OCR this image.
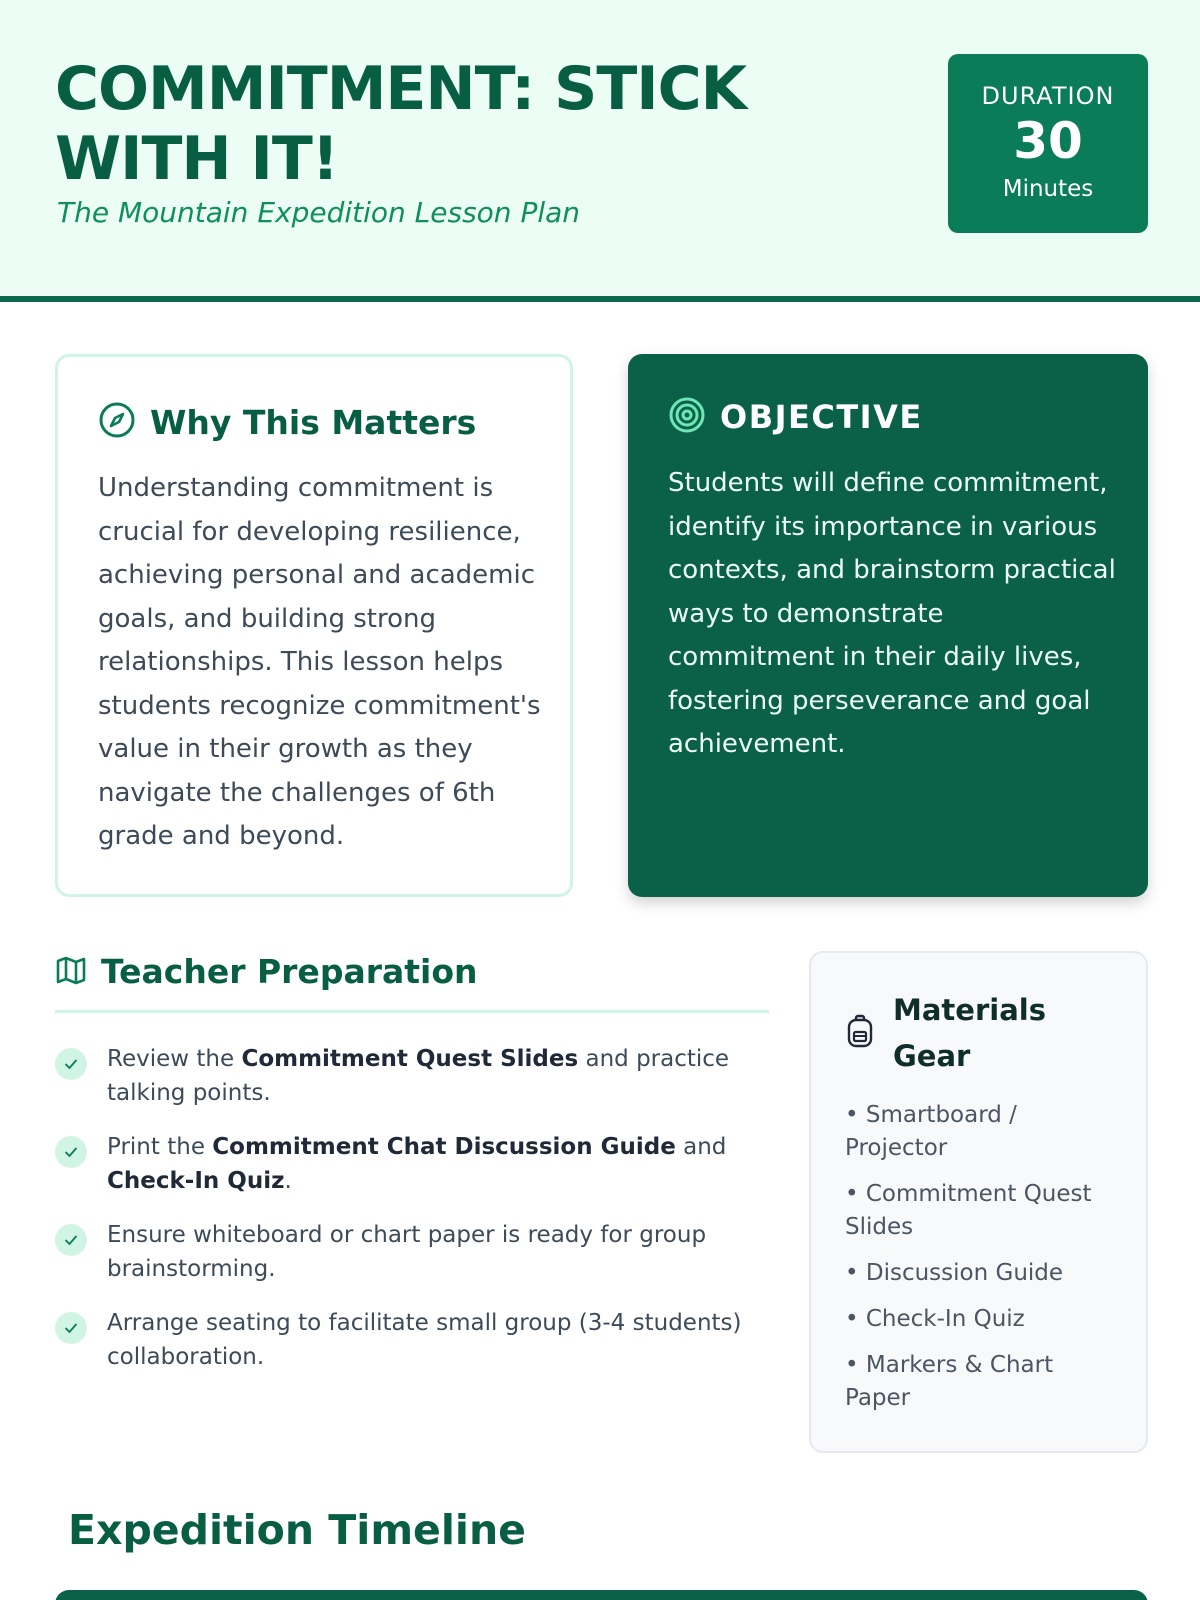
COMMITMENT: STICK WITH IT!
The Mountain Expedition Lesson Plan
DURATION
30
Minutes
Why This Matters

Understanding commitment is crucial for developing resilience, achieving personal and academic goals, and building strong relationships. This lesson helps students recognize commitment's value in their growth as they navigate the challenges of 6th grade and beyond.

OBJECTIVE

Students will define commitment, identify its importance in various contexts, and brainstorm practical ways to demonstrate commitment in their daily lives, fostering perseverance and goal achievement.

Teacher Preparation
Review the Commitment Quest Slides and practice talking points.
Print the Commitment Chat Discussion Guide and Check-In Quiz.
Ensure whiteboard or chart paper is ready for group brainstorming.
Arrange seating to facilitate small group (3-4 students) collaboration.
Materials Gear
• Smartboard / Projector
• Commitment Quest Slides
• Discussion Guide
• Check-In Quiz
• Markers & Chart Paper
Expedition Timeline
